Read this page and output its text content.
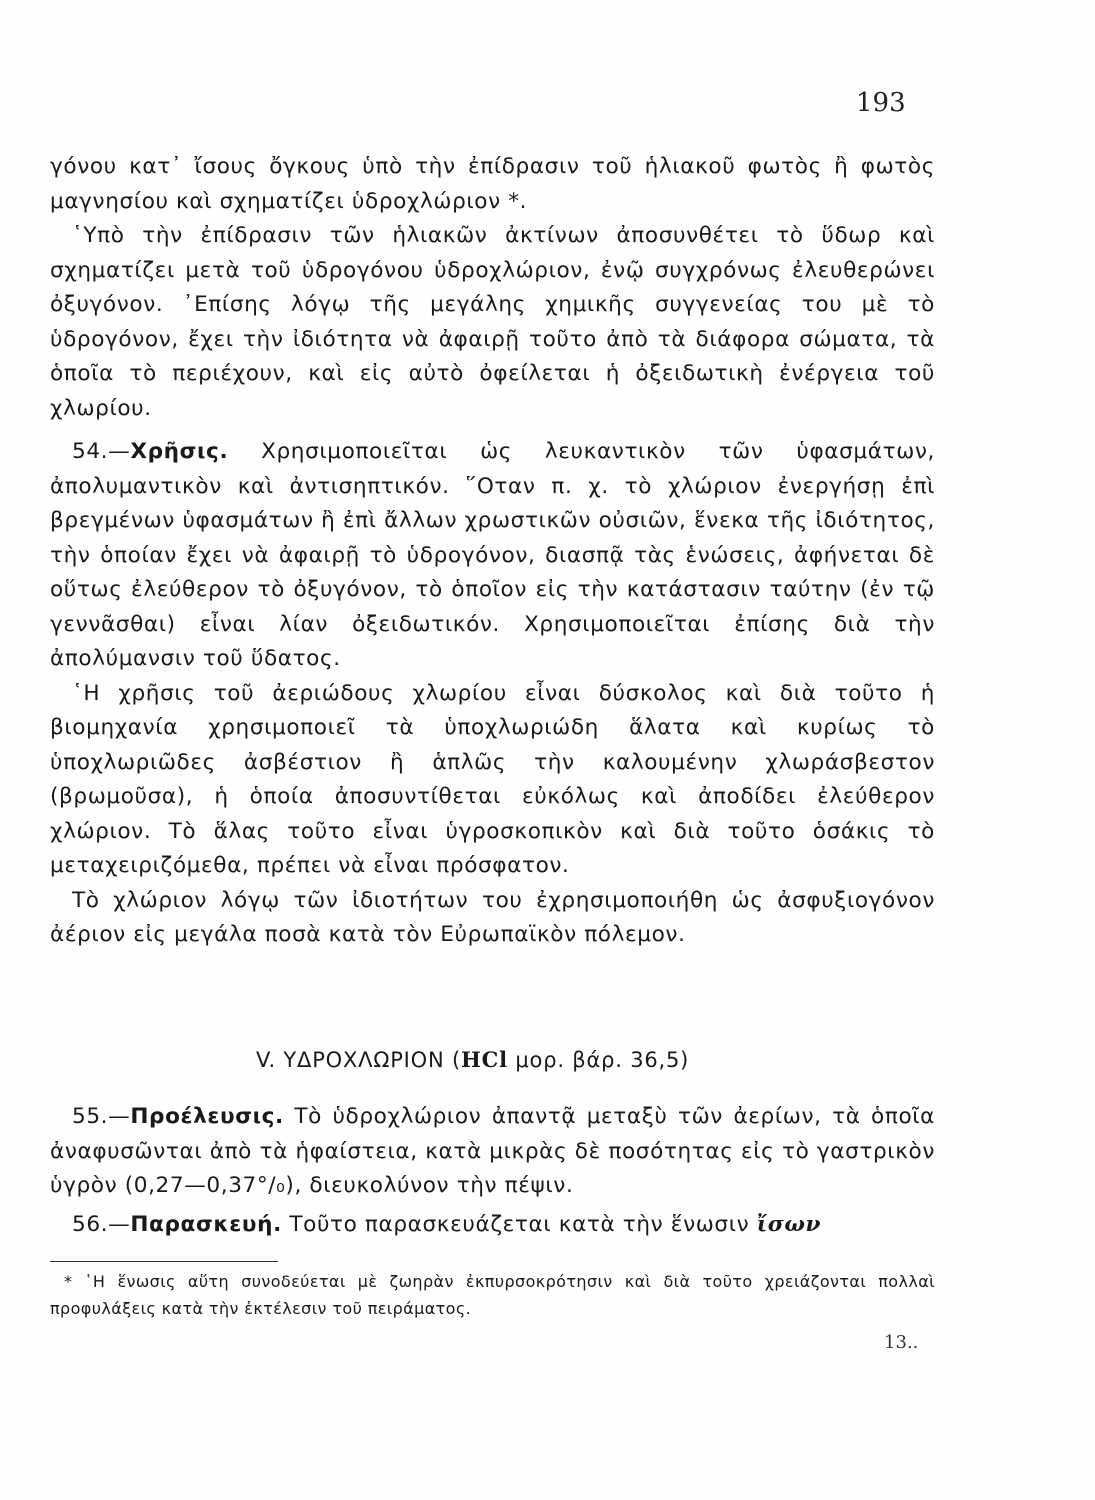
193

γόνου κατ᾿ ἴσους ὄγκους ὑπὸ τὴν ἐπίδρασιν τοῦ ἡλιακοῦ φωτὸς ἢ φωτὸς μαγνησίου καὶ σχηματίζει ὑδροχλώριον *.

῾Υπὸ τὴν ἐπίδρασιν τῶν ἡλιακῶν ἀκτίνων ἀποσυνθέτει τὸ ὕδωρ καὶ σχηματίζει μετὰ τοῦ ὑδρογόνου ὑδροχλώριον, ἐνῷ συγχρόνως ἐλευθερώνει ὀξυγόνον. ᾿Επίσης λόγῳ τῆς μεγάλης χημικῆς συγγενείας του μὲ τὸ ὑδρογόνον, ἔχει τὴν ἰδιότητα νὰ ἀφαιρῇ τοῦτο ἀπὸ τὰ διάφορα σώματα, τὰ ὁποῖα τὸ περιέχουν, καὶ εἰς αὐτὸ ὀφείλεται ἡ ὀξειδωτικὴ ἐνέργεια τοῦ χλωρίου.

54.—Χρῆσις. Χρησιμοποιεῖται ὡς λευκαντικὸν τῶν ὑφασμάτων, ἀπολυμαντικὸν καὶ ἀντισηπτικόν. ῞Οταν π. χ. τὸ χλώριον ἐνεργήσῃ ἐπὶ βρεγμένων ὑφασμάτων ἢ ἐπὶ ἄλλων χρωστικῶν οὐσιῶν, ἕνεκα τῆς ἰδιότητος, τὴν ὁποίαν ἔχει νὰ ἀφαιρῇ τὸ ὑδρογόνον, διασπᾷ τὰς ἑνώσεις, ἀφήνεται δὲ οὕτως ἐλεύθερον τὸ ὀξυγόνον, τὸ ὁποῖον εἰς τὴν κατάστασιν ταύτην (ἐν τῷ γεννᾶσθαι) εἶναι λίαν ὀξειδωτικόν. Χρησιμοποιεῖται ἐπίσης διὰ τὴν ἀπολύμανσιν τοῦ ὕδατος.

῾Η χρῆσις τοῦ ἀεριώδους χλωρίου εἶναι δύσκολος καὶ διὰ τοῦτο ἡ βιομηχανία χρησιμοποιεῖ τὰ ὑποχλωριώδη ἅλατα καὶ κυρίως τὸ ὑποχλωριῶδες ἀσβέστιον ἢ ἁπλῶς τὴν καλουμένην χλωράσβεστον (βρωμοῦσα), ἡ ὁποία ἀποσυντίθεται εὐκόλως καὶ ἀποδίδει ἐλεύθερον χλώριον. Τὸ ἅλας τοῦτο εἶναι ὑγροσκοπικὸν καὶ διὰ τοῦτο ὁσάκις τὸ μεταχειριζόμεθα, πρέπει νὰ εἶναι πρόσφατον.

Τὸ χλώριον λόγῳ τῶν ἰδιοτήτων του ἐχρησιμοποιήθη ὡς ἀσφυξιογόνον ἀέριον εἰς μεγάλα ποσὰ κατὰ τὸν Εὐρωπαϊκὸν πόλεμον.

V. ΥΔΡΟΧΛΩΡΙΟΝ (HCl μορ. βάρ. 36,5)

55.—Προέλευσις. Τὸ ὑδροχλώριον ἀπαντᾷ μεταξὺ τῶν ἀερίων, τὰ ὁποῖα ἀναφυσῶνται ἀπὸ τὰ ἡφαίστεια, κατὰ μικρὰς δὲ ποσότητας εἰς τὸ γαστρικὸν ὑγρὸν (0,27—0,37°/₀), διευκολύνον τὴν πέψιν.

56.—Παρασκευή. Τοῦτο παρασκευάζεται κατὰ τὴν ἕνωσιν ἴσων

* ῾Η ἕνωσις αὕτη συνοδεύεται μὲ ζωηρὰν ἐκπυρσοκρότησιν καὶ διὰ τοῦτο χρειάζονται πολλαὶ προφυλάξεις κατὰ τὴν ἐκτέλεσιν τοῦ πειράματος.

13..
